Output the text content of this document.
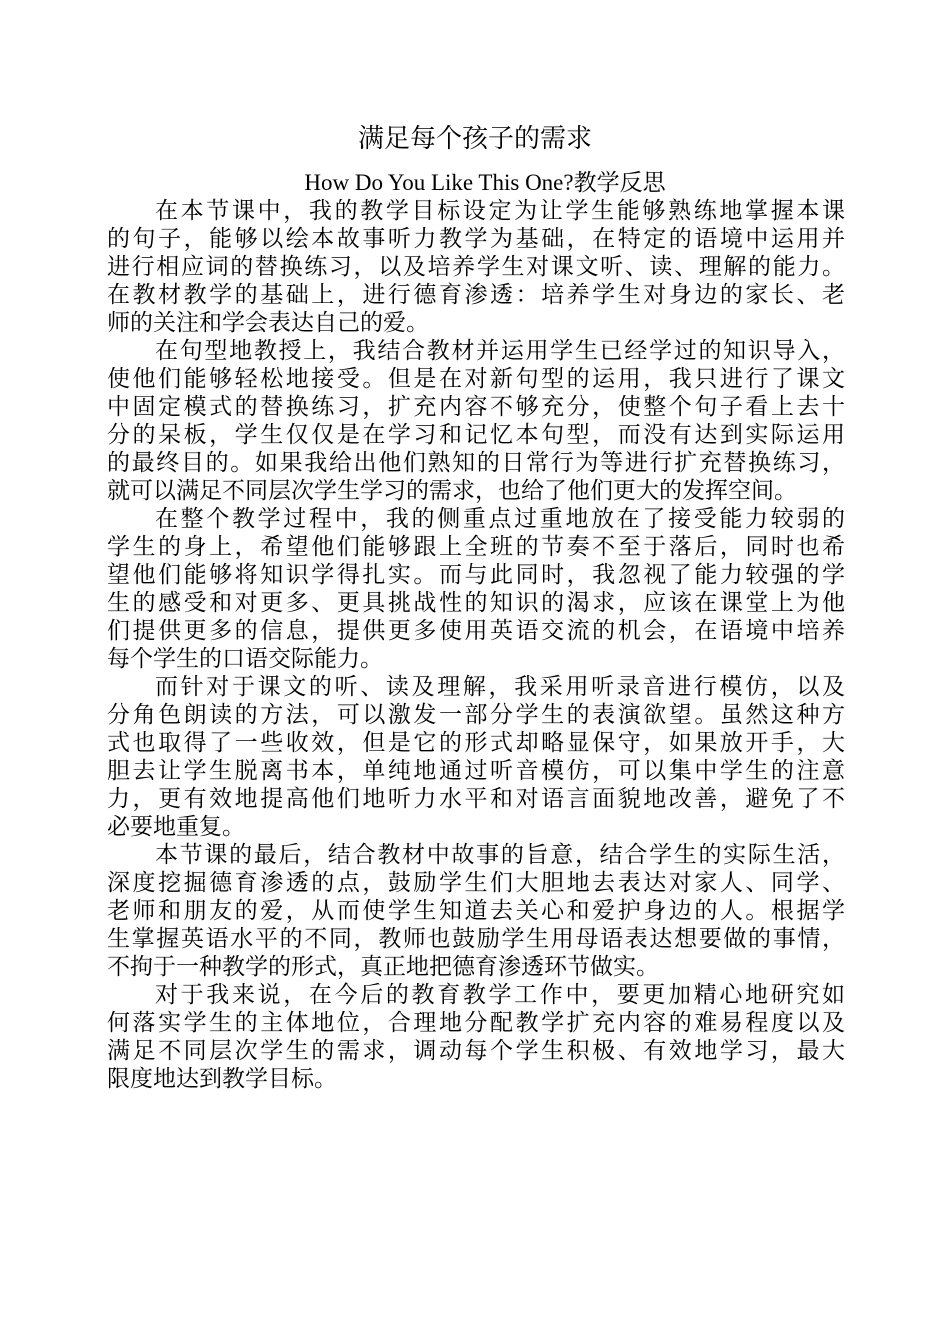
满足每个孩子的需求
How Do You Like This One?教学反思
在本节课中，我的教学目标设定为让学生能够熟练地掌握本课
的句子，能够以绘本故事听力教学为基础，在特定的语境中运用并
进行相应词的替换练习，以及培养学生对课文听、读、理解的能力。
在教材教学的基础上，进行德育渗透：培养学生对身边的家长、老
师的关注和学会表达自己的爱。
在句型地教授上，我结合教材并运用学生已经学过的知识导入，
使他们能够轻松地接受。但是在对新句型的运用，我只进行了课文
中固定模式的替换练习，扩充内容不够充分，使整个句子看上去十
分的呆板，学生仅仅是在学习和记忆本句型，而没有达到实际运用
的最终目的。如果我给出他们熟知的日常行为等进行扩充替换练习，
就可以满足不同层次学生学习的需求，也给了他们更大的发挥空间。
在整个教学过程中，我的侧重点过重地放在了接受能力较弱的
学生的身上，希望他们能够跟上全班的节奏不至于落后，同时也希
望他们能够将知识学得扎实。而与此同时，我忽视了能力较强的学
生的感受和对更多、更具挑战性的知识的渴求，应该在课堂上为他
们提供更多的信息，提供更多使用英语交流的机会，在语境中培养
每个学生的口语交际能力。
而针对于课文的听、读及理解，我采用听录音进行模仿，以及
分角色朗读的方法，可以激发一部分学生的表演欲望。虽然这种方
式也取得了一些收效，但是它的形式却略显保守，如果放开手，大
胆去让学生脱离书本，单纯地通过听音模仿，可以集中学生的注意
力，更有效地提高他们地听力水平和对语言面貌地改善，避免了不
必要地重复。
本节课的最后，结合教材中故事的旨意，结合学生的实际生活，
深度挖掘德育渗透的点，鼓励学生们大胆地去表达对家人、同学、
老师和朋友的爱，从而使学生知道去关心和爱护身边的人。根据学
生掌握英语水平的不同，教师也鼓励学生用母语表达想要做的事情，
不拘于一种教学的形式，真正地把德育渗透环节做实。
对于我来说，在今后的教育教学工作中，要更加精心地研究如
何落实学生的主体地位，合理地分配教学扩充内容的难易程度以及
满足不同层次学生的需求，调动每个学生积极、有效地学习，最大
限度地达到教学目标。
